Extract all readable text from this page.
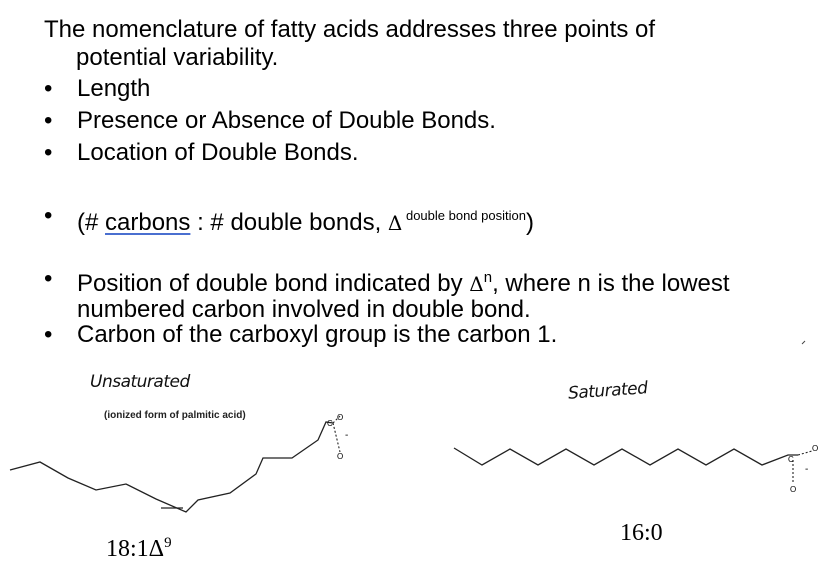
The nomenclature of fatty acids addresses three points of
potential variability.
•	Length
•	Presence or Absence of Double Bonds.
•	Location of Double Bonds.
•	(# carbons : # double bonds, Δ $^{double bond position}$)
•	Position of double bond indicated by $\Delta^n$, where n is the lowest numbered carbon involved in double bond.
•	Carbon of the carboxyl group is the carbon 1.
Unsaturated
(ionized form of palmitic acid)
Saturated
O
C
-
O
O
C
-
O
$18:1\Delta^9$	16:0
